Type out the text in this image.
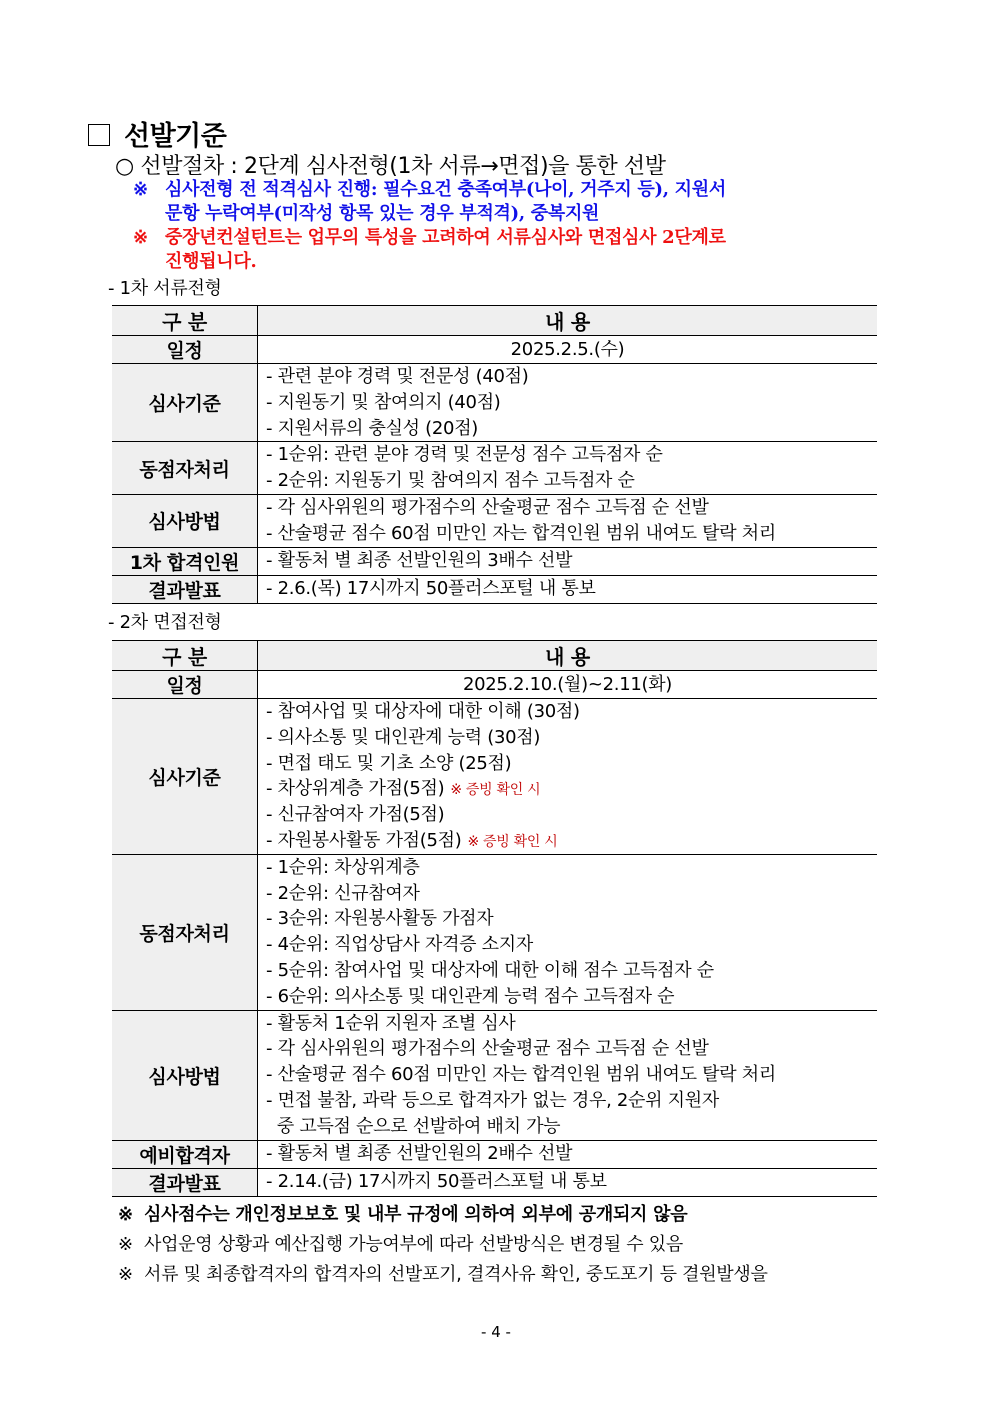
선발기준
○ 선발절차 : 2단계 심사전형(1차 서류→면접)을 통한 선발
※ 심사전형 전 적격심사 진행: 필수요건 충족여부(나이, 거주지 등), 지원서
문항 누락여부(미작성 항목 있는 경우 부적격), 중복지원
※ 중장년컨설턴트는 업무의 특성을 고려하여 서류심사와 면접심사 2단계로
진행됩니다.
- 1차 서류전형
구 분	내 용
일정	2025.2.5.(수)

심사기준	- 관련 분야 경력 및 전문성 (40점)
- 지원동기 및 참여의지 (40점)
- 지원서류의 충실성 (20점)

동점자처리	- 1순위: 관련 분야 경력 및 전문성 점수 고득점자 순
- 2순위: 지원동기 및 참여의지 점수 고득점자 순

심사방법	- 각 심사위원의 평가점수의 산술평균 점수 고득점 순 선발
- 산술평균 점수 60점 미만인 자는 합격인원 범위 내여도 탈락 처리

1차 합격인원	- 활동처 별 최종 선발인원의 3배수 선발

결과발표	- 2.6.(목) 17시까지 50플러스포털 내 통보
- 2차 면접전형
구 분	내 용
일정	2025.2.10.(월)~2.11(화)

심사기준	
- 참여사업 및 대상자에 대한 이해 (30점)
- 의사소통 및 대인관계 능력 (30점)
- 면접 태도 및 기초 소양 (25점)
- 차상위계층 가점(5점) ※ 증빙 확인 시
- 신규참여자 가점(5점)
- 자원봉사활동 가점(5점) ※ 증빙 확인 시

동점자처리	
- 1순위: 차상위계층
- 2순위: 신규참여자
- 3순위: 자원봉사활동 가점자
- 4순위: 직업상담사 자격증 소지자
- 5순위: 참여사업 및 대상자에 대한 이해 점수 고득점자 순
- 6순위: 의사소통 및 대인관계 능력 점수 고득점자 순

심사방법	- 활동처 1순위 지원자 조별 심사
- 각 심사위원의 평가점수의 산술평균 점수 고득점 순 선발
- 산술평균 점수 60점 미만인 자는 합격인원 범위 내여도 탈락 처리
- 면접 불참, 과락 등으로 합격자가 없는 경우, 2순위 지원자
중 고득점 순으로 선발하여 배치 가능

예비합격자	- 활동처 별 최종 선발인원의 2배수 선발

결과발표	- 2.14.(금) 17시까지 50플러스포털 내 통보
※ 심사점수는 개인정보보호 및 내부 규정에 의하여 외부에 공개되지 않음
※ 사업운영 상황과 예산집행 가능여부에 따라 선발방식은 변경될 수 있음
※ 서류 및 최종합격자의 합격자의 선발포기, 결격사유 확인, 중도포기 등 결원발생을
- 4 -
